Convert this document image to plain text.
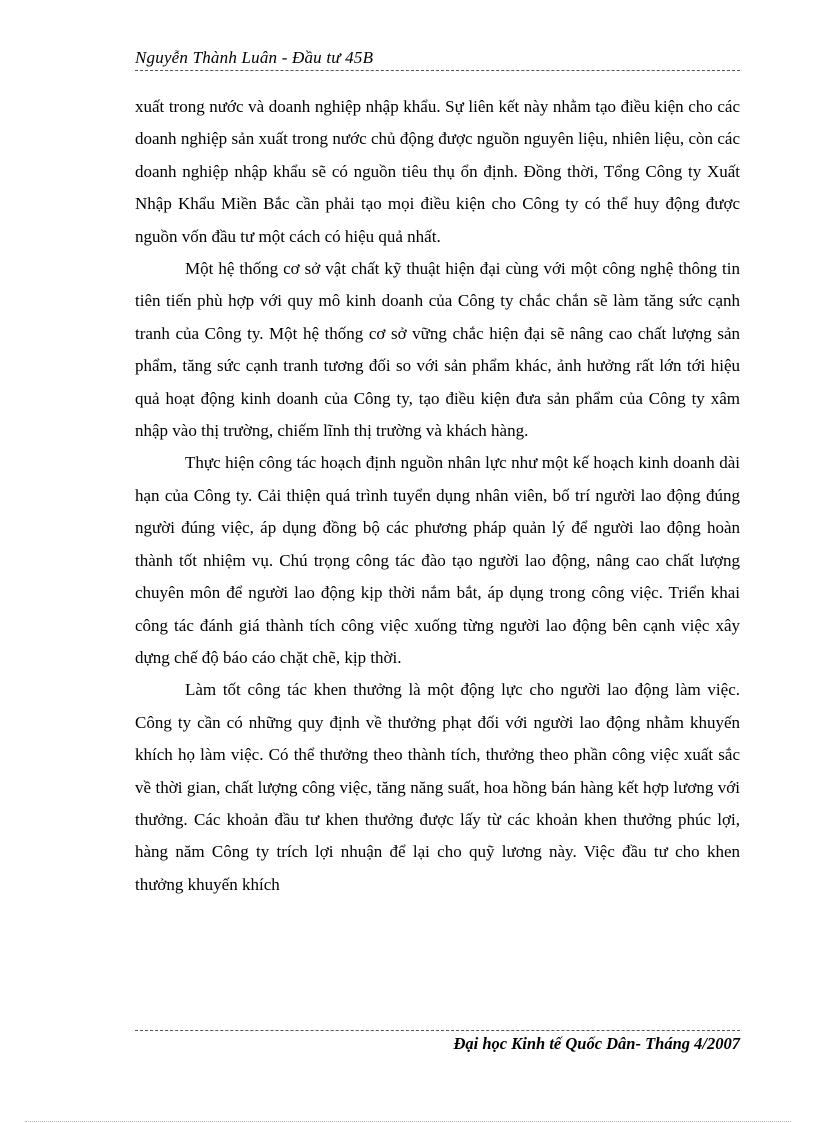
Nguyễn Thành Luân - Đầu tư 45B

xuất trong nước và doanh nghiệp nhập khẩu. Sự liên kết này nhằm tạo điều kiện cho các doanh nghiệp sản xuất trong nước chủ động được nguồn nguyên liệu, nhiên liệu, còn các doanh nghiệp nhập khẩu sẽ có nguồn tiêu thụ ổn định. Đồng thời, Tổng Công ty Xuất Nhập Khẩu Miền Bắc cần phải tạo mọi điều kiện cho Công ty có thể huy động được nguồn vốn đầu tư một cách có hiệu quả nhất.

Một hệ thống cơ sở vật chất kỹ thuật hiện đại cùng với một công nghệ thông tin tiên tiến phù hợp với quy mô kinh doanh của Công ty chắc chắn sẽ làm tăng sức cạnh tranh của Công ty. Một hệ thống cơ sở vững chắc hiện đại sẽ nâng cao chất lượng sản phẩm, tăng sức cạnh tranh tương đối so với sản phẩm khác, ảnh hưởng rất lớn tới hiệu quả hoạt động kinh doanh của Công ty, tạo điều kiện đưa sản phẩm của Công ty xâm nhập vào thị trường, chiếm lĩnh thị trường và khách hàng.

Thực hiện công tác hoạch định nguồn nhân lực như một kế hoạch kinh doanh dài hạn của Công ty. Cải thiện quá trình tuyển dụng nhân viên, bố trí người lao động đúng người đúng việc, áp dụng đồng bộ các phương pháp quản lý để người lao động hoàn thành tốt nhiệm vụ. Chú trọng công tác đào tạo người lao động, nâng cao chất lượng chuyên môn để người lao động kịp thời nắm bắt, áp dụng trong công việc. Triển khai công tác đánh giá thành tích công việc xuống từng người lao động bên cạnh việc xây dựng chế độ báo cáo chặt chẽ, kịp thời.

Làm tốt công tác khen thưởng là một động lực cho người lao động làm việc. Công ty cần có những quy định về thưởng phạt đối với người lao động nhằm khuyến khích họ làm việc. Có thể thưởng theo thành tích, thưởng theo phần công việc xuất sắc về thời gian, chất lượng công việc, tăng năng suất, hoa hồng bán hàng kết hợp lương với thưởng. Các khoản đầu tư khen thưởng được lấy từ các khoản khen thưởng phúc lợi, hàng năm Công ty trích lợi nhuận để lại cho quỹ lương này. Việc đầu tư cho khen thưởng khuyến khích

Đại học Kinh tế Quốc Dân- Tháng 4/2007
